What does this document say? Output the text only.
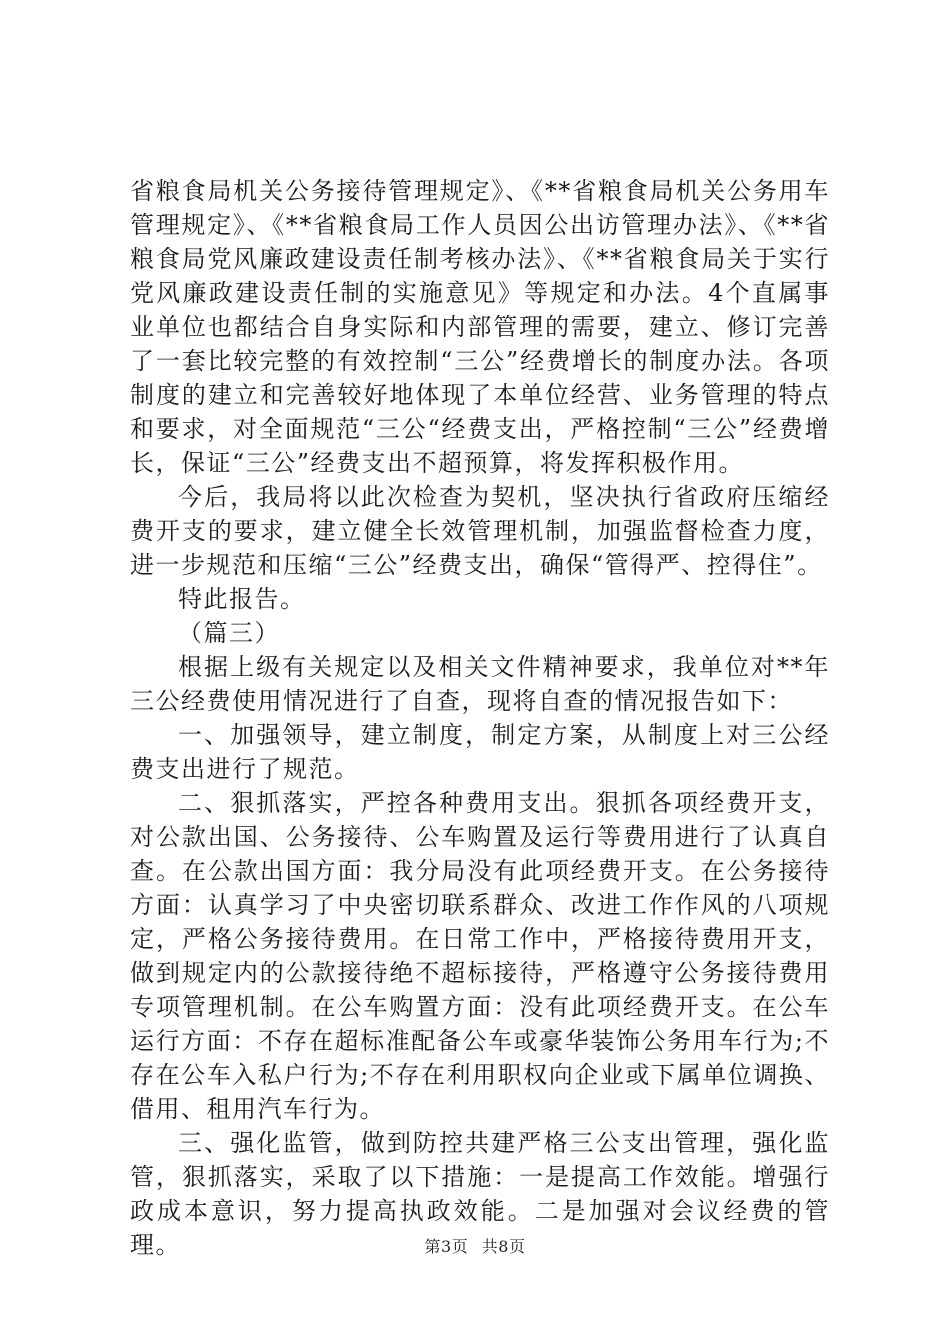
省粮食局机关公务接待管理规定》、《**省粮食局机关公务用车管理规定》、《**省粮食局工作人员因公出访管理办法》、《**省粮食局党风廉政建设责任制考核办法》、《**省粮食局关于实行党风廉政建设责任制的实施意见》等规定和办法。4个直属事业单位也都结合自身实际和内部管理的需要，建立、修订完善了一套比较完整的有效控制“三公”经费增长的制度办法。各项制度的建立和完善较好地体现了本单位经营、业务管理的特点和要求，对全面规范“三公“经费支出，严格控制“三公”经费增长，保证“三公”经费支出不超预算，将发挥积极作用。

今后，我局将以此次检查为契机，坚决执行省政府压缩经费开支的要求，建立健全长效管理机制，加强监督检查力度，进一步规范和压缩“三公”经费支出，确保“管得严、控得住”。

特此报告。

（篇三）

根据上级有关规定以及相关文件精神要求，我单位对**年三公经费使用情况进行了自查，现将自查的情况报告如下：

一、加强领导，建立制度，制定方案，从制度上对三公经费支出进行了规范。

二、狠抓落实，严控各种费用支出。狠抓各项经费开支，对公款出国、公务接待、公车购置及运行等费用进行了认真自查。在公款出国方面：我分局没有此项经费开支。在公务接待方面：认真学习了中央密切联系群众、改进工作作风的八项规定，严格公务接待费用。在日常工作中，严格接待费用开支，做到规定内的公款接待绝不超标接待，严格遵守公务接待费用专项管理机制。在公车购置方面：没有此项经费开支。在公车运行方面：不存在超标准配备公车或豪华装饰公务用车行为;不存在公车入私户行为;不存在利用职权向企业或下属单位调换、借用、租用汽车行为。

三、强化监管，做到防控共建严格三公支出管理，强化监管，狠抓落实，采取了以下措施：一是提高工作效能。增强行政成本意识，努力提高执政效能。二是加强对会议经费的管理。	第3页 共8页
